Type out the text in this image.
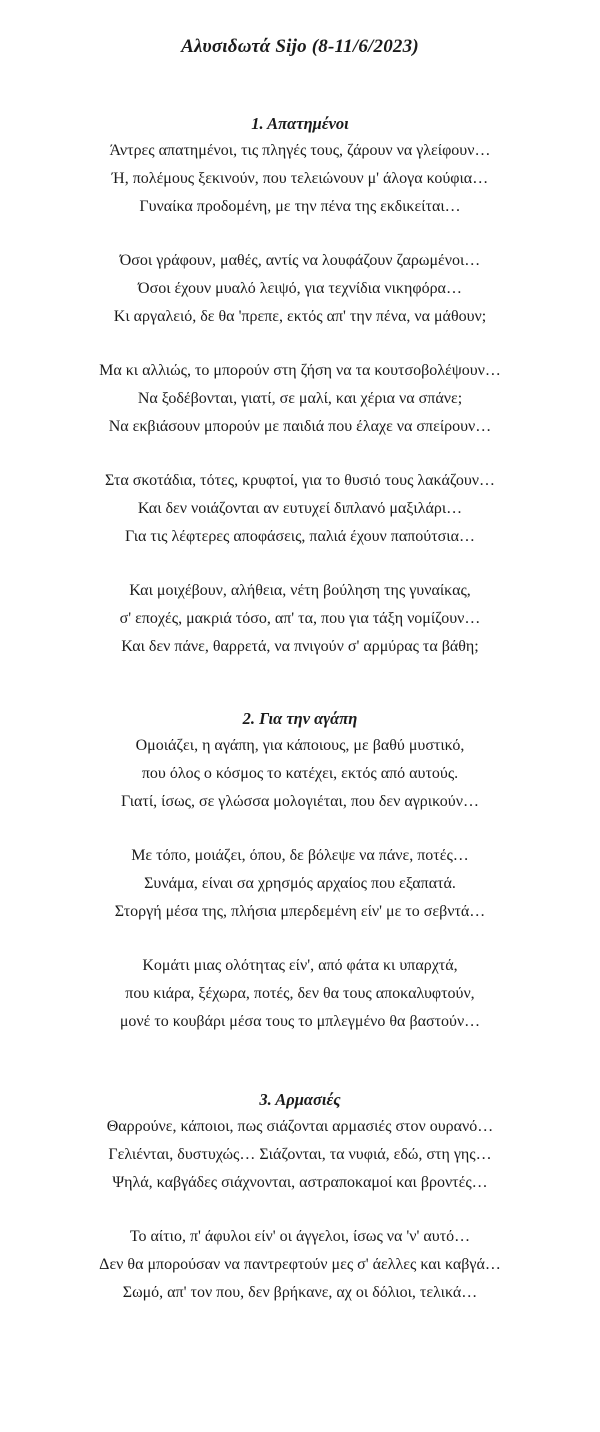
Αλυσιδωτά Sijo (8-11/6/2023)
1. Απατημένοι
Άντρες απατημένοι, τις πληγές τους, ζάρουν να γλείφουν…
Ή, πολέμους ξεκινούν, που τελειώνουν μ' άλογα κούφια…
Γυναίκα προδομένη, με την πένα της εκδικείται…
Όσοι γράφουν, μαθές, αντίς να λουφάζουν ζαρωμένοι…
Όσοι έχουν μυαλό λειψό, για τεχνίδια νικηφόρα…
Κι αργαλειό, δε θα 'πρεπε, εκτός απ' την πένα, να μάθουν;
Μα κι αλλιώς, το μπορούν στη ζήση να τα κουτσοβολέψουν…
Να ξοδέβονται, γιατί, σε μαλί, και χέρια να σπάνε;
Να εκβιάσουν μπορούν με παιδιά που έλαχε να σπείρουν…
Στα σκοτάδια, τότες, κρυφτοί, για το θυσιό τους λακάζουν…
Και δεν νοιάζονται αν ευτυχεί διπλανό μαξιλάρι…
Για τις λέφτερες αποφάσεις, παλιά έχουν παπούτσια…
Και μοιχέβουν, αλήθεια, νέτη βούληση της γυναίκας,
σ' εποχές, μακριά τόσο, απ' τα, που για τάξη νομίζουν…
Και δεν πάνε, θαρρετά, να πνιγούν σ' αρμύρας τα βάθη;
2. Για την αγάπη
Ομοιάζει, η αγάπη, για κάποιους, με βαθύ μυστικό,
που όλος ο κόσμος το κατέχει, εκτός από αυτούς.
Γιατί, ίσως, σε γλώσσα μολογιέται, που δεν αγρικούν…
Με τόπο, μοιάζει, όπου, δε βόλεψε να πάνε, ποτές…
Συνάμα, είναι σα χρησμός αρχαίος που εξαπατά.
Στοργή μέσα της, πλήσια μπερδεμένη είν' με το σεβντά…
Κομάτι μιας ολότητας είν', από φάτα κι υπαρχτά,
που κιάρα, ξέχωρα, ποτές, δεν θα τους αποκαλυφτούν,
μονέ το κουβάρι μέσα τους το μπλεγμένο θα βαστούν…
3. Αρμασιές
Θαρρούνε, κάποιοι, πως σιάζονται αρμασιές στον ουρανό…
Γελιένται, δυστυχώς… Σιάζονται, τα νυφιά, εδώ, στη γης…
Ψηλά, καβγάδες σιάχνονται, αστραποκαμοί και βροντές…
Το αίτιο, π' άφυλοι είν' οι άγγελοι, ίσως να 'ν' αυτό…
Δεν θα μπορούσαν να παντρεφτούν μες σ' άελλες και καβγά…
Σωμό, απ' τον που, δεν βρήκανε, αχ οι δόλιοι, τελικά…
